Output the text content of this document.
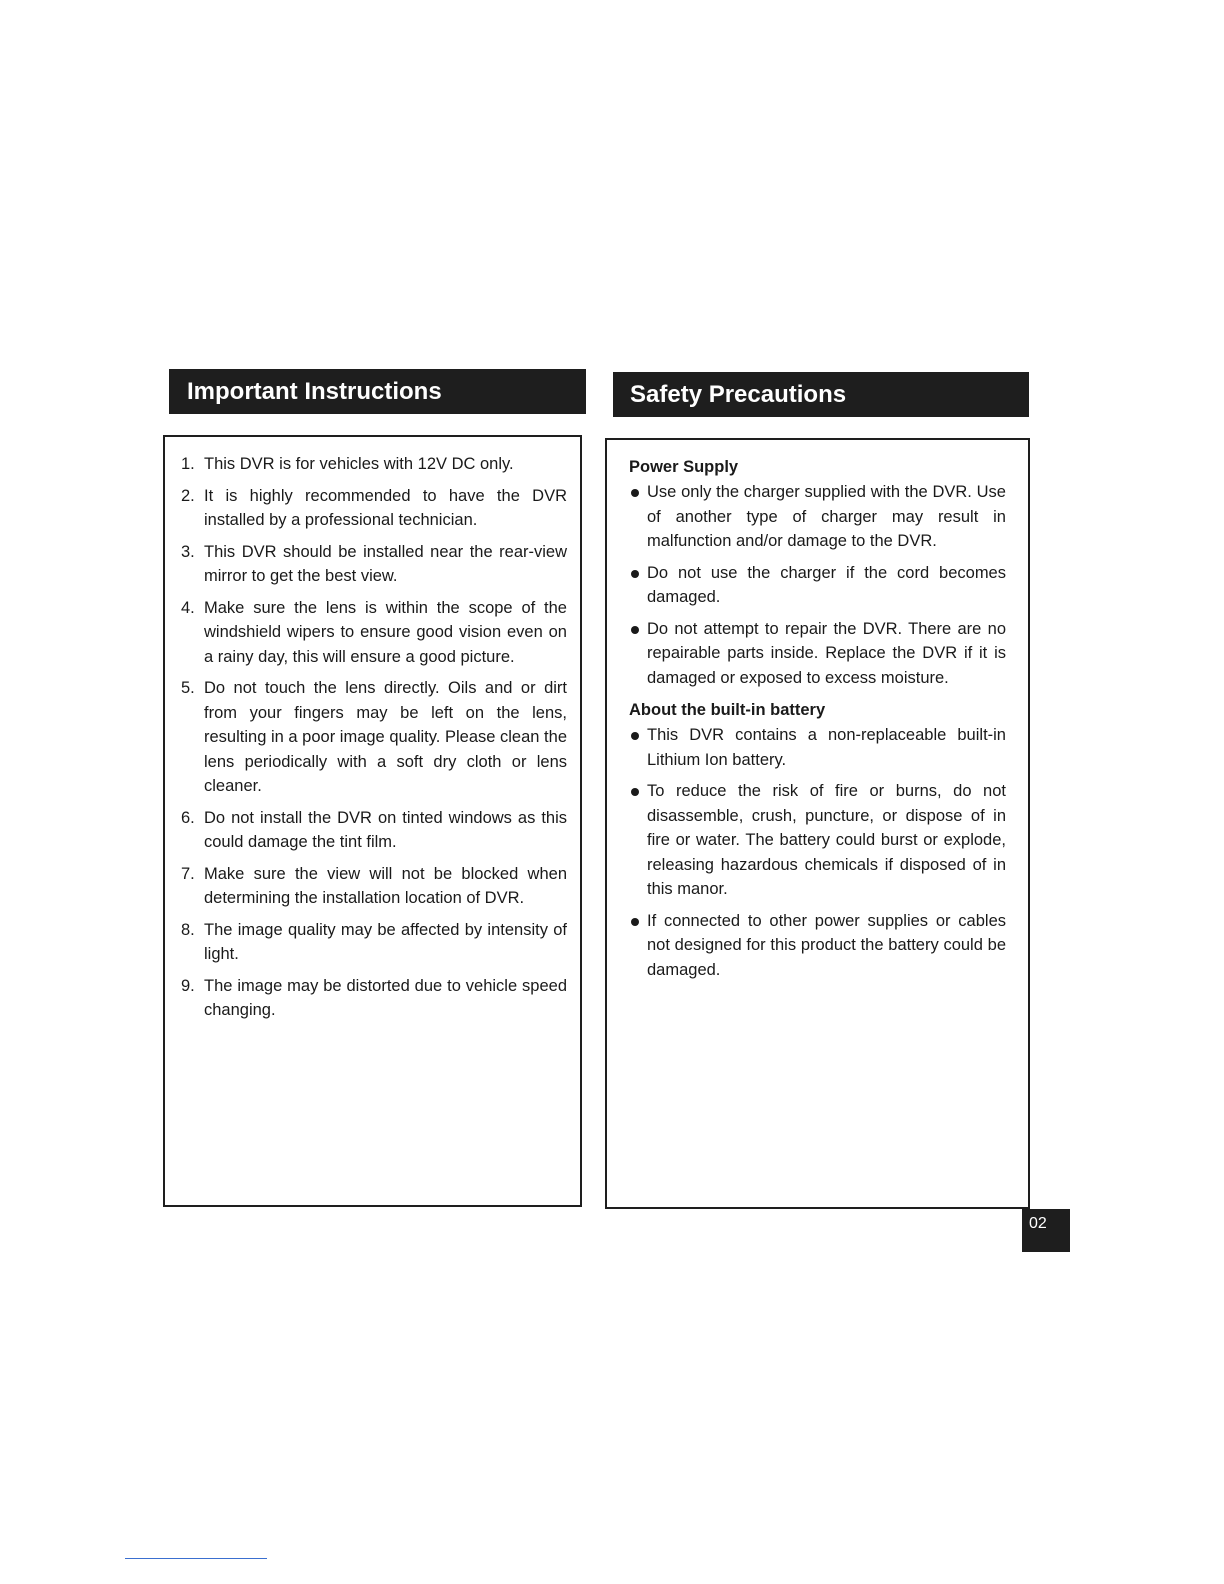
Important Instructions	Safety Precautions
1. This DVR is for vehicles with 12V DC only.
2. It is highly recommended to have the DVR installed by a professional technician.
3. This DVR should be installed near the rear-view mirror to get the best view.
4. Make sure the lens is within the scope of the windshield wipers to ensure good vision even on a rainy day, this will ensure a good picture.
5. Do not touch the lens directly. Oils and or dirt from your fingers may be left on the lens, resulting in a poor image quality. Please clean the lens periodically with a soft dry cloth or lens cleaner.
6. Do not install the DVR on tinted windows as this could damage the tint film.
7. Make sure the view will not be blocked when determining the installation location of DVR.
8. The image quality may be affected by intensity of light.
9. The image may be distorted due to vehicle speed changing.
Power Supply
Use only the charger supplied with the DVR. Use of another type of charger may result in malfunction and/or damage to the DVR.
Do not use the charger if the cord becomes damaged.
Do not attempt to repair the DVR. There are no repairable parts inside. Replace the DVR if it is damaged or exposed to excess moisture.
About the built-in battery
This DVR contains a non-replaceable built-in Lithium Ion battery.
To reduce the risk of fire or burns, do not disassemble, crush, puncture, or dispose of in fire or water. The battery could burst or explode, releasing hazardous chemicals if disposed of in this manor.
If connected to other power supplies or cables not designed for this product the battery could be damaged.
02
